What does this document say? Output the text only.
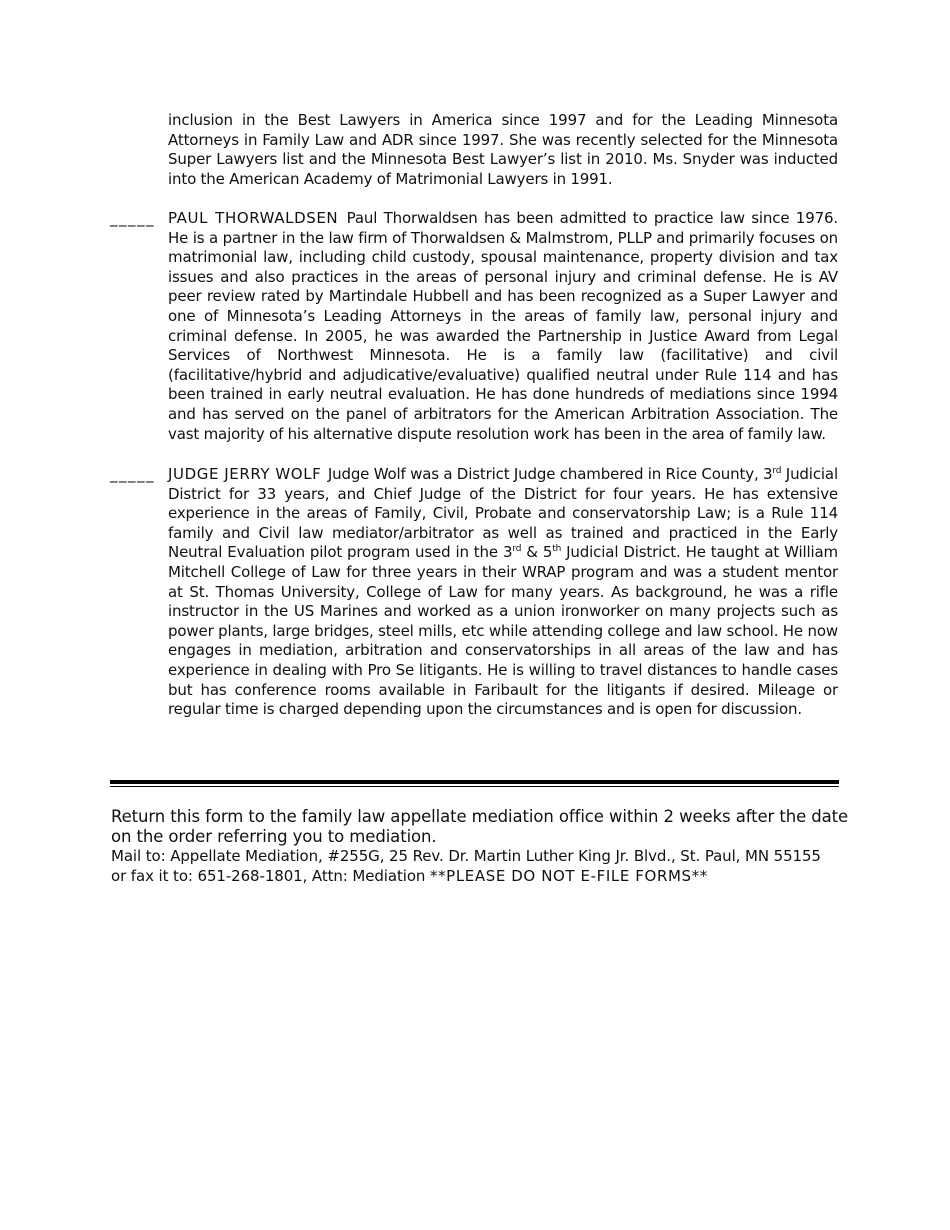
inclusion in the Best Lawyers in America since 1997 and for the Leading Minnesota Attorneys in Family Law and ADR since 1997. She was recently selected for the Minnesota Super Lawyers list and the Minnesota Best Lawyer’s list in 2010. Ms. Snyder was inducted into the American Academy of Matrimonial Lawyers in 1991.
_____ PAUL THORWALDSEN Paul Thorwaldsen has been admitted to practice law since 1976. He is a partner in the law firm of Thorwaldsen & Malmstrom, PLLP and primarily focuses on matrimonial law, including child custody, spousal maintenance, property division and tax issues and also practices in the areas of personal injury and criminal defense. He is AV peer review rated by Martindale Hubbell and has been recognized as a Super Lawyer and one of Minnesota’s Leading Attorneys in the areas of family law, personal injury and criminal defense. In 2005, he was awarded the Partnership in Justice Award from Legal Services of Northwest Minnesota. He is a family law (facilitative) and civil (facilitative/hybrid and adjudicative/evaluative) qualified neutral under Rule 114 and has been trained in early neutral evaluation. He has done hundreds of mediations since 1994 and has served on the panel of arbitrators for the American Arbitration Association. The vast majority of his alternative dispute resolution work has been in the area of family law.
_____ JUDGE JERRY WOLF Judge Wolf was a District Judge chambered in Rice County, 3rd Judicial District for 33 years, and Chief Judge of the District for four years. He has extensive experience in the areas of Family, Civil, Probate and conservatorship Law; is a Rule 114 family and Civil law mediator/arbitrator as well as trained and practiced in the Early Neutral Evaluation pilot program used in the 3rd & 5th Judicial District. He taught at William Mitchell College of Law for three years in their WRAP program and was a student mentor at St. Thomas University, College of Law for many years. As background, he was a rifle instructor in the US Marines and worked as a union ironworker on many projects such as power plants, large bridges, steel mills, etc while attending college and law school. He now engages in mediation, arbitration and conservatorships in all areas of the law and has experience in dealing with Pro Se litigants. He is willing to travel distances to handle cases but has conference rooms available in Faribault for the litigants if desired. Mileage or regular time is charged depending upon the circumstances and is open for discussion.
Return this form to the family law appellate mediation office within 2 weeks after the date on the order referring you to mediation.
Mail to: Appellate Mediation, #255G, 25 Rev. Dr. Martin Luther King Jr. Blvd., St. Paul, MN 55155
or fax it to: 651-268-1801, Attn: Mediation **PLEASE DO NOT E-FILE FORMS**
